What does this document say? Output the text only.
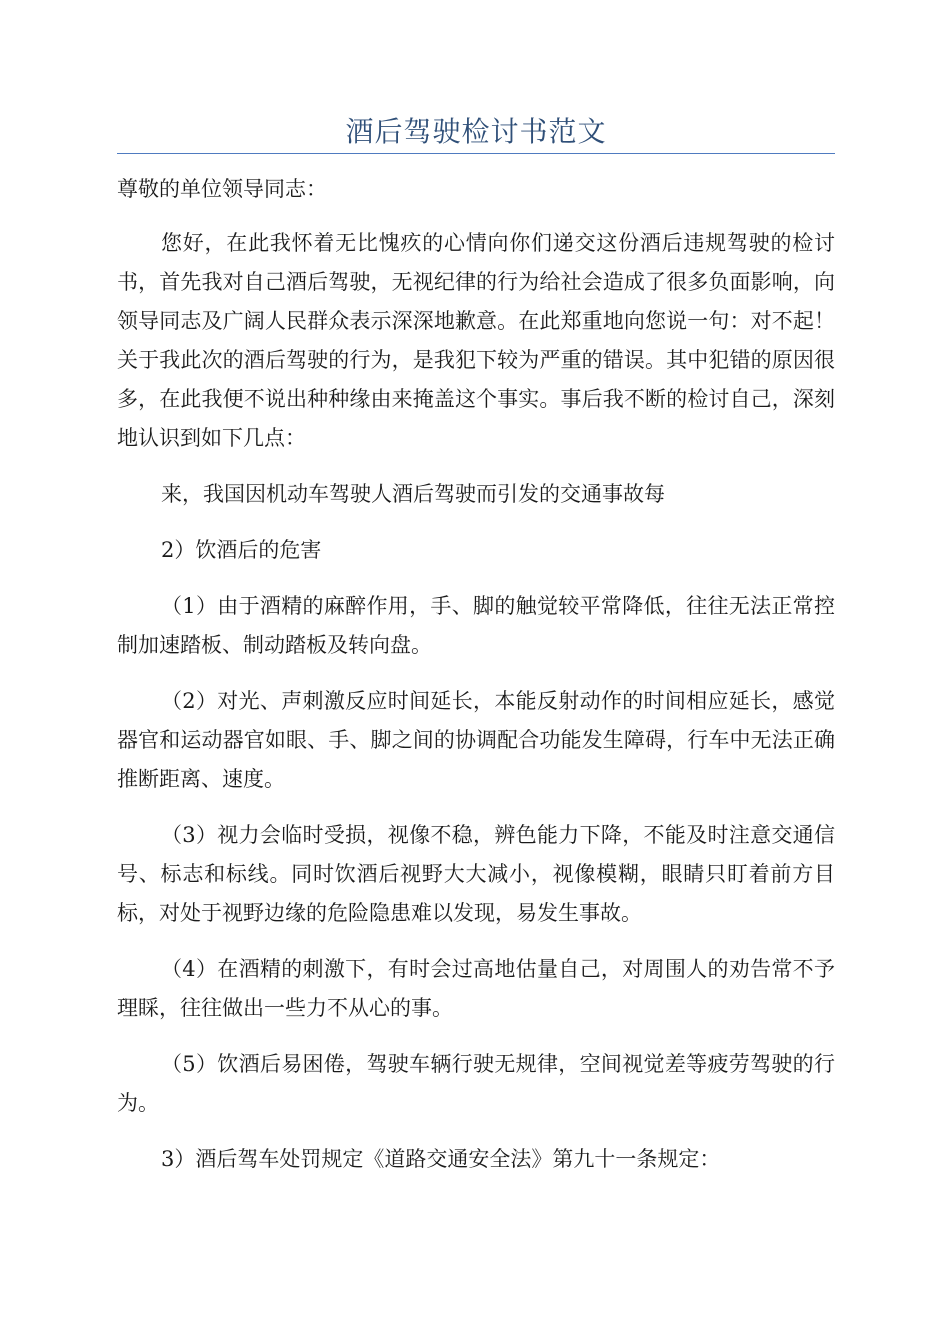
酒后驾驶检讨书范文

尊敬的单位领导同志：

您好，在此我怀着无比愧疚的心情向你们递交这份酒后违规驾驶的检讨书，首先我对自己酒后驾驶，无视纪律的行为给社会造成了很多负面影响，向领导同志及广阔人民群众表示深深地歉意。在此郑重地向您说一句：对不起！关于我此次的酒后驾驶的行为，是我犯下较为严重的错误。其中犯错的原因很多，在此我便不说出种种缘由来掩盖这个事实。事后我不断的检讨自己，深刻地认识到如下几点：

来，我国因机动车驾驶人酒后驾驶而引发的交通事故每

2）饮酒后的危害

（1）由于酒精的麻醉作用，手、脚的触觉较平常降低，往往无法正常控制加速踏板、制动踏板及转向盘。

（2）对光、声刺激反应时间延长，本能反射动作的时间相应延长，感觉器官和运动器官如眼、手、脚之间的协调配合功能发生障碍，行车中无法正确推断距离、速度。

（3）视力会临时受损，视像不稳，辨色能力下降，不能及时注意交通信号、标志和标线。同时饮酒后视野大大减小，视像模糊，眼睛只盯着前方目标，对处于视野边缘的危险隐患难以发现，易发生事故。

（4）在酒精的刺激下，有时会过高地估量自己，对周围人的劝告常不予理睬，往往做出一些力不从心的事。

（5）饮酒后易困倦，驾驶车辆行驶无规律，空间视觉差等疲劳驾驶的行为。

3）酒后驾车处罚规定《道路交通安全法》第九十一条规定：
